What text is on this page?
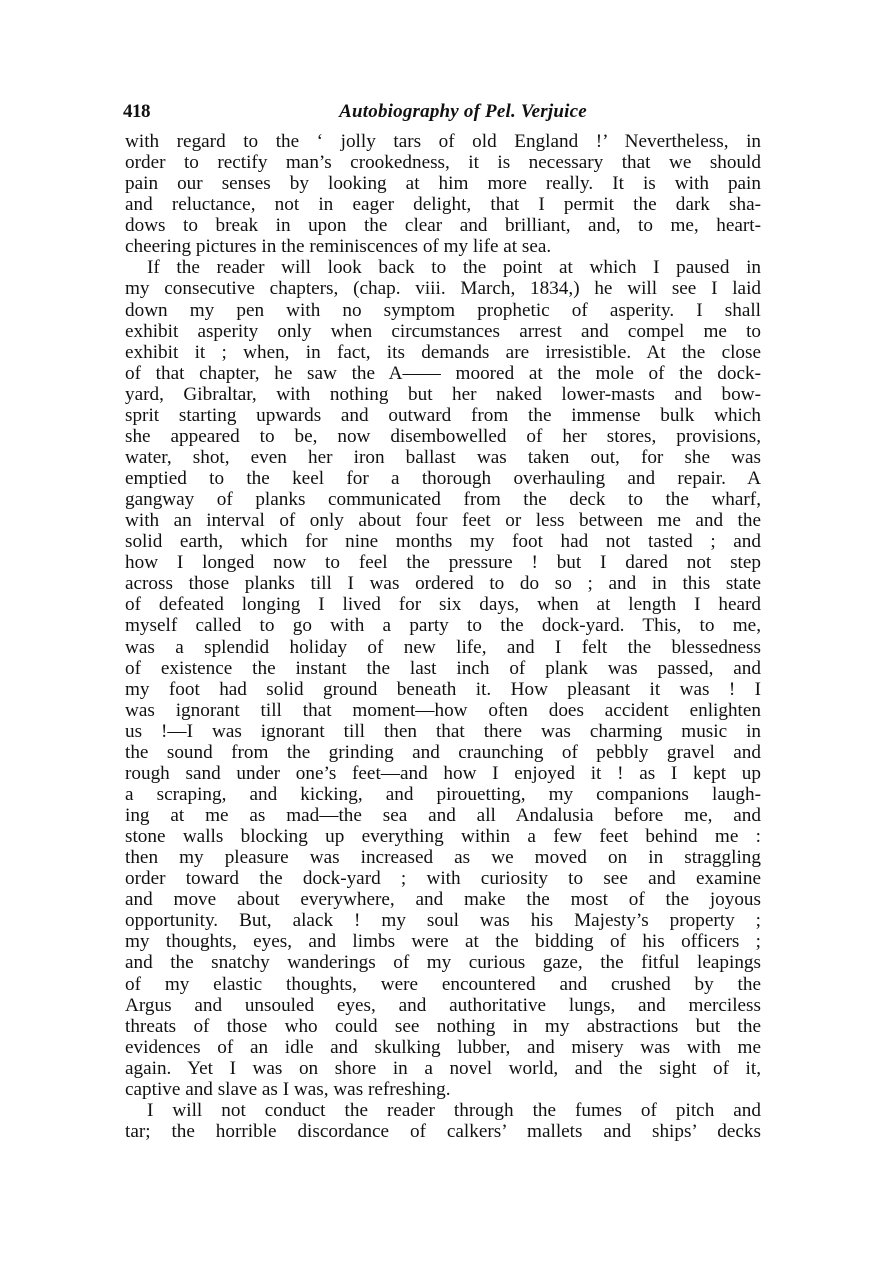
418	Autobiography of Pel. Verjuice
with regard to the ‘ jolly tars of old England !’ Nevertheless, in
order to rectify man’s crookedness, it is necessary that we should
pain our senses by looking at him more really. It is with pain
and reluctance, not in eager delight, that I permit the dark sha-
dows to break in upon the clear and brilliant, and, to me, heart-
cheering pictures in the reminiscences of my life at sea.
If the reader will look back to the point at which I paused in
my consecutive chapters, (chap. viii. March, 1834,) he will see I laid
down my pen with no symptom prophetic of asperity. I shall
exhibit asperity only when circumstances arrest and compel me to
exhibit it ; when, in fact, its demands are irresistible. At the close
of that chapter, he saw the A—— moored at the mole of the dock-
yard, Gibraltar, with nothing but her naked lower-masts and bow-
sprit starting upwards and outward from the immense bulk which
she appeared to be, now disembowelled of her stores, provisions,
water, shot, even her iron ballast was taken out, for she was
emptied to the keel for a thorough overhauling and repair. A
gangway of planks communicated from the deck to the wharf,
with an interval of only about four feet or less between me and the
solid earth, which for nine months my foot had not tasted ; and
how I longed now to feel the pressure ! but I dared not step
across those planks till I was ordered to do so ; and in this state
of defeated longing I lived for six days, when at length I heard
myself called to go with a party to the dock-yard. This, to me,
was a splendid holiday of new life, and I felt the blessedness
of existence the instant the last inch of plank was passed, and
my foot had solid ground beneath it. How pleasant it was ! I
was ignorant till that moment—how often does accident enlighten
us !—I was ignorant till then that there was charming music in
the sound from the grinding and craunching of pebbly gravel and
rough sand under one’s feet—and how I enjoyed it ! as I kept up
a scraping, and kicking, and pirouetting, my companions laugh-
ing at me as mad—the sea and all Andalusia before me, and
stone walls blocking up everything within a few feet behind me :
then my pleasure was increased as we moved on in straggling
order toward the dock-yard ; with curiosity to see and examine
and move about everywhere, and make the most of the joyous
opportunity. But, alack ! my soul was his Majesty’s property ;
my thoughts, eyes, and limbs were at the bidding of his officers ;
and the snatchy wanderings of my curious gaze, the fitful leapings
of my elastic thoughts, were encountered and crushed by the
Argus and unsouled eyes, and authoritative lungs, and merciless
threats of those who could see nothing in my abstractions but the
evidences of an idle and skulking lubber, and misery was with me
again. Yet I was on shore in a novel world, and the sight of it,
captive and slave as I was, was refreshing.
I will not conduct the reader through the fumes of pitch and
tar; the horrible discordance of calkers’ mallets and ships’ decks
